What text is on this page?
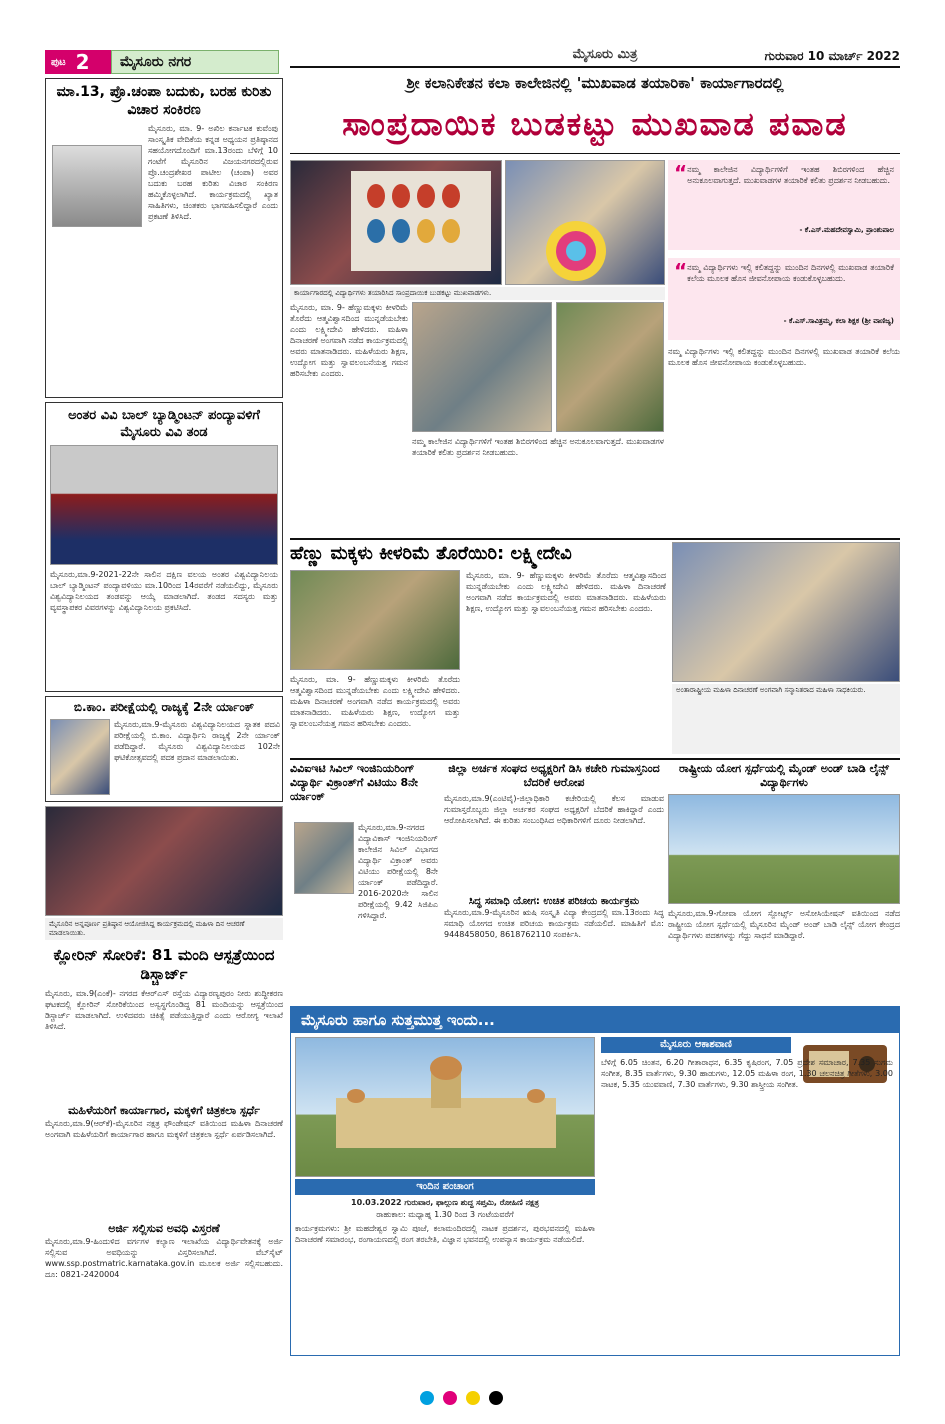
ಪುಟ 2	ಮೈಸೂರು ನಗರ	ಮೈಸೂರು ಮಿತ್ರ	ಗುರುವಾರ 10 ಮಾರ್ಚ್ 2022
ಶ್ರೀ ಕಲಾನಿಕೇತನ ಕಲಾ ಕಾಲೇಜಿನಲ್ಲಿ 'ಮುಖವಾಡ ತಯಾರಿಕಾ' ಕಾರ್ಯಾಗಾರದಲ್ಲಿ
ಸಾಂಪ್ರದಾಯಿಕ ಬುಡಕಟ್ಟು ಮುಖವಾಡ ಪವಾಡ
ಕಾರ್ಯಾಗಾರದಲ್ಲಿ ವಿದ್ಯಾರ್ಥಿಗಳು ತಯಾರಿಸಿದ ಸಾಂಪ್ರದಾಯಿಕ ಬುಡಕಟ್ಟು ಮುಖವಾಡಗಳು.
“ ನಮ್ಮ ಕಾಲೇಜಿನ ವಿದ್ಯಾರ್ಥಿಗಳಿಗೆ ಇಂತಹ ಶಿಬಿರಗಳಿಂದ ಹೆಚ್ಚಿನ ಅನುಕೂಲವಾಗುತ್ತದೆ. ಮುಖವಾಡಗಳ ತಯಾರಿಕೆ ಕಲಿತು ಪ್ರದರ್ಶನ ನೀಡಬಹುದು.
- ಕೆ.ಎಸ್.ಮಹದೇವಸ್ವಾಮಿ, ಪ್ರಾಂಶುಪಾಲ
“ ನಮ್ಮ ವಿದ್ಯಾರ್ಥಿಗಳು ಇಲ್ಲಿ ಕಲಿತದ್ದನ್ನು ಮುಂದಿನ ದಿನಗಳಲ್ಲಿ ಮುಖವಾಡ ತಯಾರಿಕೆ ಕಲೆಯ ಮೂಲಕ ಹೊಸ ಜೀವನೋಪಾಯ ಕಂಡುಕೊಳ್ಳಬಹುದು.
- ಕೆ.ಎಸ್.ಸಾವಿತ್ರಮ್ಮ, ಕಲಾ ಶಿಕ್ಷಕ (ಶ್ರೀ ವಾಣಿಜ್ಯ)
ಮೈಸೂರು, ಮಾ. 9- ಹೆಣ್ಣುಮಕ್ಕಳು ಕೀಳರಿಮೆ ತೊರೆದು ಆತ್ಮವಿಶ್ವಾಸದಿಂದ ಮುನ್ನಡೆಯಬೇಕು ಎಂದು ಲಕ್ಷ್ಮೀದೇವಿ ಹೇಳಿದರು. ಮಹಿಳಾ ದಿನಾಚರಣೆ ಅಂಗವಾಗಿ ನಡೆದ ಕಾರ್ಯಕ್ರಮದಲ್ಲಿ ಅವರು ಮಾತನಾಡಿದರು. ಮಹಿಳೆಯರು ಶಿಕ್ಷಣ, ಉದ್ಯೋಗ ಮತ್ತು ಸ್ವಾವಲಂಬನೆಯತ್ತ ಗಮನ ಹರಿಸಬೇಕು ಎಂದರು.
ನಮ್ಮ ಕಾಲೇಜಿನ ವಿದ್ಯಾರ್ಥಿಗಳಿಗೆ ಇಂತಹ ಶಿಬಿರಗಳಿಂದ ಹೆಚ್ಚಿನ ಅನುಕೂಲವಾಗುತ್ತದೆ. ಮುಖವಾಡಗಳ ತಯಾರಿಕೆ ಕಲಿತು ಪ್ರದರ್ಶನ ನೀಡಬಹುದು.
ನಮ್ಮ ವಿದ್ಯಾರ್ಥಿಗಳು ಇಲ್ಲಿ ಕಲಿತದ್ದನ್ನು ಮುಂದಿನ ದಿನಗಳಲ್ಲಿ ಮುಖವಾಡ ತಯಾರಿಕೆ ಕಲೆಯ ಮೂಲಕ ಹೊಸ ಜೀವನೋಪಾಯ ಕಂಡುಕೊಳ್ಳಬಹುದು.
ಮಾ.13, ಪ್ರೊ.ಚಂಪಾ ಬದುಕು, ಬರಹ ಕುರಿತು ವಿಚಾರ ಸಂಕಿರಣ
ಮೈಸೂರು, ಮಾ. 9- ಅಖಿಲ ಕರ್ನಾಟಕ ಕುವೆಂಪು ಸಾಂಸ್ಕೃತಿಕ ವೇದಿಕೆಯ ಕನ್ನಡ ಅಧ್ಯಯನ ಪ್ರತಿಷ್ಠಾನದ ಸಹಯೋಗದೊಂದಿಗೆ ಮಾ.13ರಂದು ಬೆಳಿಗ್ಗೆ 10 ಗಂಟೆಗೆ ಮೈಸೂರಿನ ವಿಜಯನಗರದಲ್ಲಿರುವ ಪ್ರೊ.ಚಂದ್ರಶೇಖರ ಪಾಟೀಲ (ಚಂಪಾ) ಅವರ ಬದುಕು ಬರಹ ಕುರಿತು ವಿಚಾರ ಸಂಕಿರಣ ಹಮ್ಮಿಕೊಳ್ಳಲಾಗಿದೆ. ಕಾರ್ಯಕ್ರಮದಲ್ಲಿ ಖ್ಯಾತ ಸಾಹಿತಿಗಳು, ಚಿಂತಕರು ಭಾಗವಹಿಸಲಿದ್ದಾರೆ ಎಂದು ಪ್ರಕಟಣೆ ತಿಳಿಸಿದೆ.
ಅಂತರ ವಿವಿ ಬಾಲ್ ಬ್ಯಾಡ್ಮಿಂಟನ್ ಪಂದ್ಯಾವಳಿಗೆ ಮೈಸೂರು ವಿವಿ ತಂಡ
ಮೈಸೂರು,ಮಾ.9-2021-22ನೇ ಸಾಲಿನ ದಕ್ಷಿಣ ವಲಯ ಅಂತರ ವಿಶ್ವವಿದ್ಯಾನಿಲಯ ಬಾಲ್ ಬ್ಯಾಡ್ಮಿಂಟನ್ ಪಂದ್ಯಾವಳಿಯು ಮಾ.10ರಿಂದ 14ರವರೆಗೆ ನಡೆಯಲಿದ್ದು, ಮೈಸೂರು ವಿಶ್ವವಿದ್ಯಾನಿಲಯದ ತಂಡವನ್ನು ಆಯ್ಕೆ ಮಾಡಲಾಗಿದೆ. ತಂಡದ ಸದಸ್ಯರು ಮತ್ತು ವ್ಯವಸ್ಥಾಪಕರ ವಿವರಗಳನ್ನು ವಿಶ್ವವಿದ್ಯಾನಿಲಯ ಪ್ರಕಟಿಸಿದೆ.
ಬಿ.ಕಾಂ. ಪರೀಕ್ಷೆಯಲ್ಲಿ ರಾಜ್ಯಕ್ಕೆ 2ನೇ ರ್ಯಾಂಕ್
ಮೈಸೂರು,ಮಾ.9-ಮೈಸೂರು ವಿಶ್ವವಿದ್ಯಾನಿಲಯದ ಸ್ನಾತಕ ಪದವಿ ಪರೀಕ್ಷೆಯಲ್ಲಿ ಬಿ.ಕಾಂ. ವಿದ್ಯಾರ್ಥಿನಿ ರಾಜ್ಯಕ್ಕೆ 2ನೇ ರ್ಯಾಂಕ್ ಪಡೆದಿದ್ದಾರೆ. ಮೈಸೂರು ವಿಶ್ವವಿದ್ಯಾನಿಲಯದ 102ನೇ ಘಟಿಕೋತ್ಸವದಲ್ಲಿ ಪದಕ ಪ್ರದಾನ ಮಾಡಲಾಯಿತು.
ಮೈಸೂರಿನ ಅನ್ನಪೂರ್ಣ ಪ್ರತಿಷ್ಠಾನ ಆಯೋಜಿಸಿದ್ದ ಕಾರ್ಯಕ್ರಮದಲ್ಲಿ ಮಹಿಳಾ ದಿನ ಆಚರಣೆ ಮಾಡಲಾಯಿತು.
ಕ್ಲೋರಿನ್ ಸೋರಿಕೆ: 81 ಮಂದಿ ಆಸ್ಪತ್ರೆಯಿಂದ ಡಿಸ್ಚಾರ್ಜ್
ಮೈಸೂರು, ಮಾ.9(ಎಂಕೆ)- ನಗರದ ಕೆಆರ್‌ಎಸ್ ರಸ್ತೆಯ ವಿದ್ಯಾರಣ್ಯಪುರಂ ನೀರು ಶುದ್ಧೀಕರಣ ಘಟಕದಲ್ಲಿ ಕ್ಲೋರಿನ್ ಸೋರಿಕೆಯಿಂದ ಅಸ್ವಸ್ಥಗೊಂಡಿದ್ದ 81 ಮಂದಿಯನ್ನು ಆಸ್ಪತ್ರೆಯಿಂದ ಡಿಸ್ಚಾರ್ಜ್ ಮಾಡಲಾಗಿದೆ. ಉಳಿದವರು ಚಿಕಿತ್ಸೆ ಪಡೆಯುತ್ತಿದ್ದಾರೆ ಎಂದು ಆರೋಗ್ಯ ಇಲಾಖೆ ತಿಳಿಸಿದೆ.
ಮಹಿಳೆಯರಿಗೆ ಕಾರ್ಯಾಗಾರ, ಮಕ್ಕಳಿಗೆ ಚಿತ್ರಕಲಾ ಸ್ಪರ್ಧೆ
ಮೈಸೂರು,ಮಾ.9(ಆರ್‌ಕೆ)-ಮೈಸೂರಿನ ನಕ್ಷತ್ರ ಫೌಂಡೇಷನ್ ವತಿಯಿಂದ ಮಹಿಳಾ ದಿನಾಚರಣೆ ಅಂಗವಾಗಿ ಮಹಿಳೆಯರಿಗೆ ಕಾರ್ಯಾಗಾರ ಹಾಗೂ ಮಕ್ಕಳಿಗೆ ಚಿತ್ರಕಲಾ ಸ್ಪರ್ಧೆ ಏರ್ಪಡಿಸಲಾಗಿದೆ.
ಅರ್ಜಿ ಸಲ್ಲಿಸುವ ಅವಧಿ ವಿಸ್ತರಣೆ
ಮೈಸೂರು,ಮಾ.9-ಹಿಂದುಳಿದ ವರ್ಗಗಳ ಕಲ್ಯಾಣ ಇಲಾಖೆಯ ವಿದ್ಯಾರ್ಥಿವೇತನಕ್ಕೆ ಅರ್ಜಿ ಸಲ್ಲಿಸುವ ಅವಧಿಯನ್ನು ವಿಸ್ತರಿಸಲಾಗಿದೆ. ವೆಬ್‌ಸೈಟ್ www.ssp.postmatric.karnataka.gov.in ಮೂಲಕ ಅರ್ಜಿ ಸಲ್ಲಿಸಬಹುದು. ದೂ: 0821-2420004
ಹೆಣ್ಣು ಮಕ್ಕಳು ಕೀಳರಿಮೆ ತೊರೆಯಿರಿ: ಲಕ್ಷ್ಮೀದೇವಿ
ಮೈಸೂರು, ಮಾ. 9- ಹೆಣ್ಣುಮಕ್ಕಳು ಕೀಳರಿಮೆ ತೊರೆದು ಆತ್ಮವಿಶ್ವಾಸದಿಂದ ಮುನ್ನಡೆಯಬೇಕು ಎಂದು ಲಕ್ಷ್ಮೀದೇವಿ ಹೇಳಿದರು. ಮಹಿಳಾ ದಿನಾಚರಣೆ ಅಂಗವಾಗಿ ನಡೆದ ಕಾರ್ಯಕ್ರಮದಲ್ಲಿ ಅವರು ಮಾತನಾಡಿದರು. ಮಹಿಳೆಯರು ಶಿಕ್ಷಣ, ಉದ್ಯೋಗ ಮತ್ತು ಸ್ವಾವಲಂಬನೆಯತ್ತ ಗಮನ ಹರಿಸಬೇಕು ಎಂದರು.
ಮೈಸೂರು, ಮಾ. 9- ಹೆಣ್ಣುಮಕ್ಕಳು ಕೀಳರಿಮೆ ತೊರೆದು ಆತ್ಮವಿಶ್ವಾಸದಿಂದ ಮುನ್ನಡೆಯಬೇಕು ಎಂದು ಲಕ್ಷ್ಮೀದೇವಿ ಹೇಳಿದರು. ಮಹಿಳಾ ದಿನಾಚರಣೆ ಅಂಗವಾಗಿ ನಡೆದ ಕಾರ್ಯಕ್ರಮದಲ್ಲಿ ಅವರು ಮಾತನಾಡಿದರು. ಮಹಿಳೆಯರು ಶಿಕ್ಷಣ, ಉದ್ಯೋಗ ಮತ್ತು ಸ್ವಾವಲಂಬನೆಯತ್ತ ಗಮನ ಹರಿಸಬೇಕು ಎಂದರು.
ಅಂತಾರಾಷ್ಟ್ರೀಯ ಮಹಿಳಾ ದಿನಾಚರಣೆ ಅಂಗವಾಗಿ ಸನ್ಮಾನಿತರಾದ ಮಹಿಳಾ ಸಾಧಕಿಯರು.
ವಿವಿಐಇಟಿ ಸಿವಿಲ್ ಇಂಜಿನಿಯರಿಂಗ್ ವಿದ್ಯಾರ್ಥಿ ವಿಕ್ರಾಂತ್‌ಗೆ ವಿಟಿಯು 8ನೇ ರ್ಯಾಂಕ್
ಮೈಸೂರು,ಮಾ.9-ನಗರದ ವಿದ್ಯಾವಿಕಾಸ್ ಇಂಜಿನಿಯರಿಂಗ್ ಕಾಲೇಜಿನ ಸಿವಿಲ್ ವಿಭಾಗದ ವಿದ್ಯಾರ್ಥಿ ವಿಕ್ರಾಂತ್ ಅವರು ವಿಟಿಯು ಪರೀಕ್ಷೆಯಲ್ಲಿ 8ನೇ ರ್ಯಾಂಕ್ ಪಡೆದಿದ್ದಾರೆ. 2016-2020ನೇ ಸಾಲಿನ ಪರೀಕ್ಷೆಯಲ್ಲಿ 9.42 ಸಿಜಿಪಿಎ ಗಳಿಸಿದ್ದಾರೆ.
ಜಿಲ್ಲಾ ಅರ್ಚಕ ಸಂಘದ ಅಧ್ಯಕ್ಷರಿಗೆ ಡಿಸಿ ಕಚೇರಿ ಗುಮಾಸ್ತನಿಂದ ಬೆದರಿಕೆ ಆರೋಪ
ಮೈಸೂರು,ಮಾ.9(ಎಂಟಿವೈ)-ಜಿಲ್ಲಾಧಿಕಾರಿ ಕಚೇರಿಯಲ್ಲಿ ಕೆಲಸ ಮಾಡುವ ಗುಮಾಸ್ತರೊಬ್ಬರು ಜಿಲ್ಲಾ ಅರ್ಚಕರ ಸಂಘದ ಅಧ್ಯಕ್ಷರಿಗೆ ಬೆದರಿಕೆ ಹಾಕಿದ್ದಾರೆ ಎಂದು ಆರೋಪಿಸಲಾಗಿದೆ. ಈ ಕುರಿತು ಸಂಬಂಧಿಸಿದ ಅಧಿಕಾರಿಗಳಿಗೆ ದೂರು ನೀಡಲಾಗಿದೆ.
ಸಿದ್ಧ ಸಮಾಧಿ ಯೋಗ: ಉಚಿತ ಪರಿಚಯ ಕಾರ್ಯಕ್ರಮ
ಮೈಸೂರು,ಮಾ.9-ಮೈಸೂರಿನ ಋಷಿ ಸಂಸ್ಕೃತಿ ವಿದ್ಯಾ ಕೇಂದ್ರದಲ್ಲಿ ಮಾ.13ರಂದು ಸಿದ್ಧ ಸಮಾಧಿ ಯೋಗದ ಉಚಿತ ಪರಿಚಯ ಕಾರ್ಯಕ್ರಮ ನಡೆಯಲಿದೆ. ಮಾಹಿತಿಗೆ ಮೊ: 9448458050, 8618762110 ಸಂಪರ್ಕಿಸಿ.
ರಾಷ್ಟ್ರೀಯ ಯೋಗ ಸ್ಪರ್ಧೆಯಲ್ಲಿ ಮೈಂಡ್ ಅಂಡ್ ಬಾಡಿ ಲೈನ್ಸ್ ವಿದ್ಯಾರ್ಥಿಗಳು
ಮೈಸೂರು,ಮಾ.9-ಗೋವಾ ಯೋಗ ಸ್ಪೋರ್ಟ್ಸ್ ಅಸೋಸಿಯೇಷನ್ ವತಿಯಿಂದ ನಡೆದ ರಾಷ್ಟ್ರೀಯ ಯೋಗ ಸ್ಪರ್ಧೆಯಲ್ಲಿ ಮೈಸೂರಿನ ಮೈಂಡ್ ಅಂಡ್ ಬಾಡಿ ಲೈನ್ಸ್ ಯೋಗ ಕೇಂದ್ರದ ವಿದ್ಯಾರ್ಥಿಗಳು ಪದಕಗಳನ್ನು ಗೆದ್ದು ಸಾಧನೆ ಮಾಡಿದ್ದಾರೆ.
ಮೈಸೂರು ಹಾಗೂ ಸುತ್ತಮುತ್ತ ಇಂದು...
ಇಂದಿನ ಪಂಚಾಂಗ
10.03.2022 ಗುರುವಾರ, ಫಾಲ್ಗುಣ ಶುದ್ಧ ಸಪ್ತಮಿ, ರೋಹಿಣಿ ನಕ್ಷತ್ರ
ರಾಹುಕಾಲ: ಮಧ್ಯಾಹ್ನ 1.30 ರಿಂದ 3 ಗಂಟೆಯವರೆಗೆ
ಕಾರ್ಯಕ್ರಮಗಳು: ಶ್ರೀ ಮಹದೇಶ್ವರ ಸ್ವಾಮಿ ಪೂಜೆ, ಕಲಾಮಂದಿರದಲ್ಲಿ ನಾಟಕ ಪ್ರದರ್ಶನ, ಪುರಭವನದಲ್ಲಿ ಮಹಿಳಾ ದಿನಾಚರಣೆ ಸಮಾರಂಭ, ರಂಗಾಯಣದಲ್ಲಿ ರಂಗ ತರಬೇತಿ, ವಿಜ್ಞಾನ ಭವನದಲ್ಲಿ ಉಪನ್ಯಾಸ ಕಾರ್ಯಕ್ರಮ ನಡೆಯಲಿದೆ.
ಮೈಸೂರು ಆಕಾಶವಾಣಿ
ಬೆಳಿಗ್ಗೆ 6.05 ಚಿಂತನ, 6.20 ಗೀತಾರಾಧನ, 6.35 ಕೃಷಿರಂಗ, 7.05 ಪ್ರದೇಶ ಸಮಾಚಾರ, 7.35 ಸುಗಮ ಸಂಗೀತ, 8.35 ವಾರ್ತೆಗಳು, 9.30 ಹಾಡುಗಳು, 12.05 ಮಹಿಳಾ ರಂಗ, 1.30 ಚಲನಚಿತ್ರ ಗೀತೆಗಳು, 3.00 ನಾಟಕ, 5.35 ಯುವವಾಣಿ, 7.30 ವಾರ್ತೆಗಳು, 9.30 ಶಾಸ್ತ್ರೀಯ ಸಂಗೀತ.
